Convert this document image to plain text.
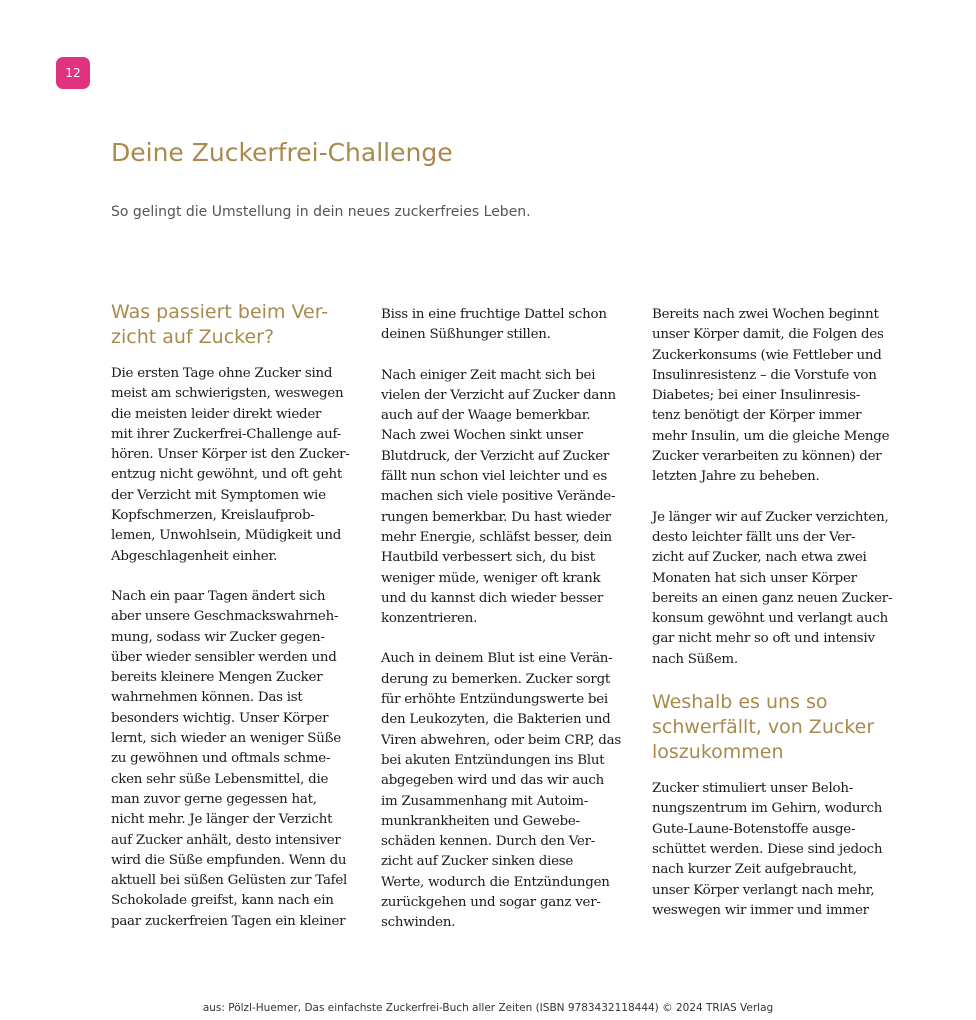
12
Deine Zuckerfrei-Challenge

So gelingt die Umstellung in dein neues zuckerfreies Leben.

Was passiert beim Ver-
zicht auf Zucker?

Die ersten Tage ohne Zucker sind
meist am schwierigsten, weswegen
die meisten leider direkt wieder
mit ihrer Zuckerfrei-Challenge auf-
hören. Unser Körper ist den Zucker-
entzug nicht gewöhnt, und oft geht
der Verzicht mit Symptomen wie
Kopfschmerzen, Kreislaufprob-
lemen, Unwohlsein, Müdigkeit und
Abgeschlagenheit einher.

Nach ein paar Tagen ändert sich
aber unsere Geschmackswahrneh-
mung, sodass wir Zucker gegen-
über wieder sensibler werden und
bereits kleinere Mengen Zucker
wahrnehmen können. Das ist
besonders wichtig. Unser Körper
lernt, sich wieder an weniger Süße
zu gewöhnen und oftmals schme-
cken sehr süße Lebensmittel, die
man zuvor gerne gegessen hat,
nicht mehr. Je länger der Verzicht
auf Zucker anhält, desto intensiver
wird die Süße empfunden. Wenn du
aktuell bei süßen Gelüsten zur Tafel
Schokolade greifst, kann nach ein
paar zuckerfreien Tagen ein kleiner

Biss in eine fruchtige Dattel schon
deinen Süßhunger stillen.

Nach einiger Zeit macht sich bei
vielen der Verzicht auf Zucker dann
auch auf der Waage bemerkbar.
Nach zwei Wochen sinkt unser
Blutdruck, der Verzicht auf Zucker
fällt nun schon viel leichter und es
machen sich viele positive Verände-
rungen bemerkbar. Du hast wieder
mehr Energie, schläfst besser, dein
Hautbild verbessert sich, du bist
weniger müde, weniger oft krank
und du kannst dich wieder besser
konzentrieren.

Auch in deinem Blut ist eine Verän-
derung zu bemerken. Zucker sorgt
für erhöhte Entzündungswerte bei
den Leukozyten, die Bakterien und
Viren abwehren, oder beim CRP, das
bei akuten Entzündungen ins Blut
abgegeben wird und das wir auch
im Zusammenhang mit Autoim-
munkrankheiten und Gewebe-
schäden kennen. Durch den Ver-
zicht auf Zucker sinken diese
Werte, wodurch die Entzündungen
zurückgehen und sogar ganz ver-
schwinden.

Bereits nach zwei Wochen beginnt
unser Körper damit, die Folgen des
Zuckerkonsums (wie Fettleber und
Insulinresistenz – die Vorstufe von
Diabetes; bei einer Insulinresis-
tenz benötigt der Körper immer
mehr Insulin, um die gleiche Menge
Zucker verarbeiten zu können) der
letzten Jahre zu beheben.

Je länger wir auf Zucker verzichten,
desto leichter fällt uns der Ver-
zicht auf Zucker, nach etwa zwei
Monaten hat sich unser Körper
bereits an einen ganz neuen Zucker-
konsum gewöhnt und verlangt auch
gar nicht mehr so oft und intensiv
nach Süßem.

Weshalb es uns so
schwerfällt, von Zucker
loszukommen

Zucker stimuliert unser Beloh-
nungszentrum im Gehirn, wodurch
Gute-Laune-Botenstoffe ausge-
schüttet werden. Diese sind jedoch
nach kurzer Zeit aufgebraucht,
unser Körper verlangt nach mehr,
weswegen wir immer und immer

aus: Pölzl-Huemer, Das einfachste Zuckerfrei-Buch aller Zeiten (ISBN 9783432118444) © 2024 TRIAS Verlag
